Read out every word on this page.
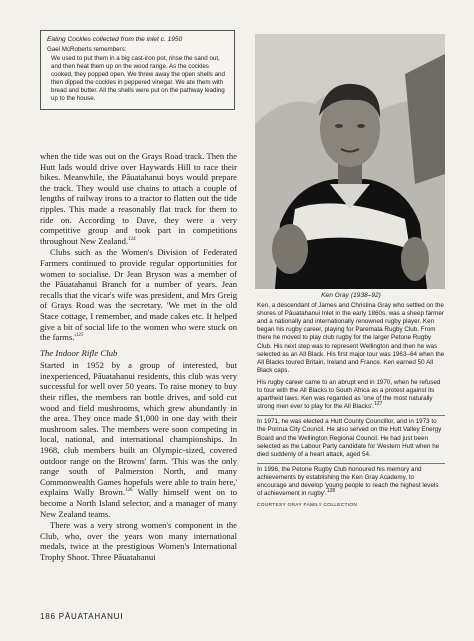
Eating Cockles collected from the inlet c. 1950
Gael McRoberts remembers:
We used to put them in a big cast-iron pot, rinse the sand out, and then heat them up on the wood range. As the cockles cooked, they popped open. We threw away the open shells and then dipped the cockles in peppered vinegar. We ate them with bread and butter. All the shells were put on the pathway leading up to the house.

when the tide was out on the Grays Road track. Then the Hutt lads would drive over Haywards Hill to race their bikes. Meanwhile, the Pāuatahanui boys would prepare the track. They would use chains to attach a couple of lengths of railway irons to a tractor to flatten out the tide ripples. This made a reasonably flat track for them to ride on. According to Dave, they were a very competitive group and took part in competitions throughout New Zealand.$^{124}$

Clubs such as the Women's Division of Federated Farmers continued to provide regular opportunities for women to socialise. Dr Jean Bryson was a member of the Pāuatahanui Branch for a number of years. Jean recalls that the vicar's wife was president, and Mrs Greig of Grays Road was the secretary. 'We met in the old Stace cottage, I remember, and made cakes etc. It helped give a bit of social life to the women who were stuck on the $farms.'^{125}$

The Indoor Rifle Club

Started in 1952 by a group of interested, but inexperienced, Pāuatahanui residents, this club was very successful for well over 50 years. To raise money to buy their rifles, the members ran bottle drives, and sold cut wood and field mushrooms, which grew abundantly in the area. They once made $1,000 in one day with their mushroom sales. The members were soon competing in local, national, and international championships. In 1968, club members built an Olympic-sized, covered outdoor range on the Browns' farm. 'This was the only range south of Palmerston North, and many Commonwealth Games hopefuls were able to train here,' explains Wally Brown.$^{126}$ Wally himself went on to become a North Island selector, and a manager of many New Zealand teams.

There was a very strong women's component in the Club, who, over the years won many international medals, twice at the prestigious Women's International Trophy Shoot. Three Pāuatahanui

Ken Gray (1938–92)

Ken, a descendant of James and Christina Gray who settled on the shores of Pāuatahanui Inlet in the early 1860s, was a sheep farmer and a nationally and internationally renowned rugby player. Ken began his rugby career, playing for Paremata Rugby Club. From there he moved to play club rugby for the larger Petone Rugby Club. His next step was to represent Wellington and then he was selected as an All Black. His first major tour was 1963–64 when the All Blacks toured Britain, Ireland and France. Ken earned 50 All Black caps.

His rugby career came to an abrupt end in 1970, when he refused to tour with the All Blacks to South Africa as a protest against its apartheid laws. Ken was regarded as 'one of the most naturally strong men ever to play for the All Blacks'.$^{127}$

In 1971, he was elected a Hutt County Councillor, and in 1973 to the Porirua City Council. He also served on the Hutt Valley Energy Board and the Wellington Regional Council. He had just been selected as the Labour Party candidate for Western Hutt when he died suddenly of a heart attack, aged 54.

In 1996, the Petone Rugby Club honoured his memory and achievements by establishing the Ken Gray Academy, to encourage and develop 'young people to reach the highest levels of achievement in rugby'.$^{128}$

COURTESY GRAY FAMILY COLLECTION
186 PĀUATAHANUI
